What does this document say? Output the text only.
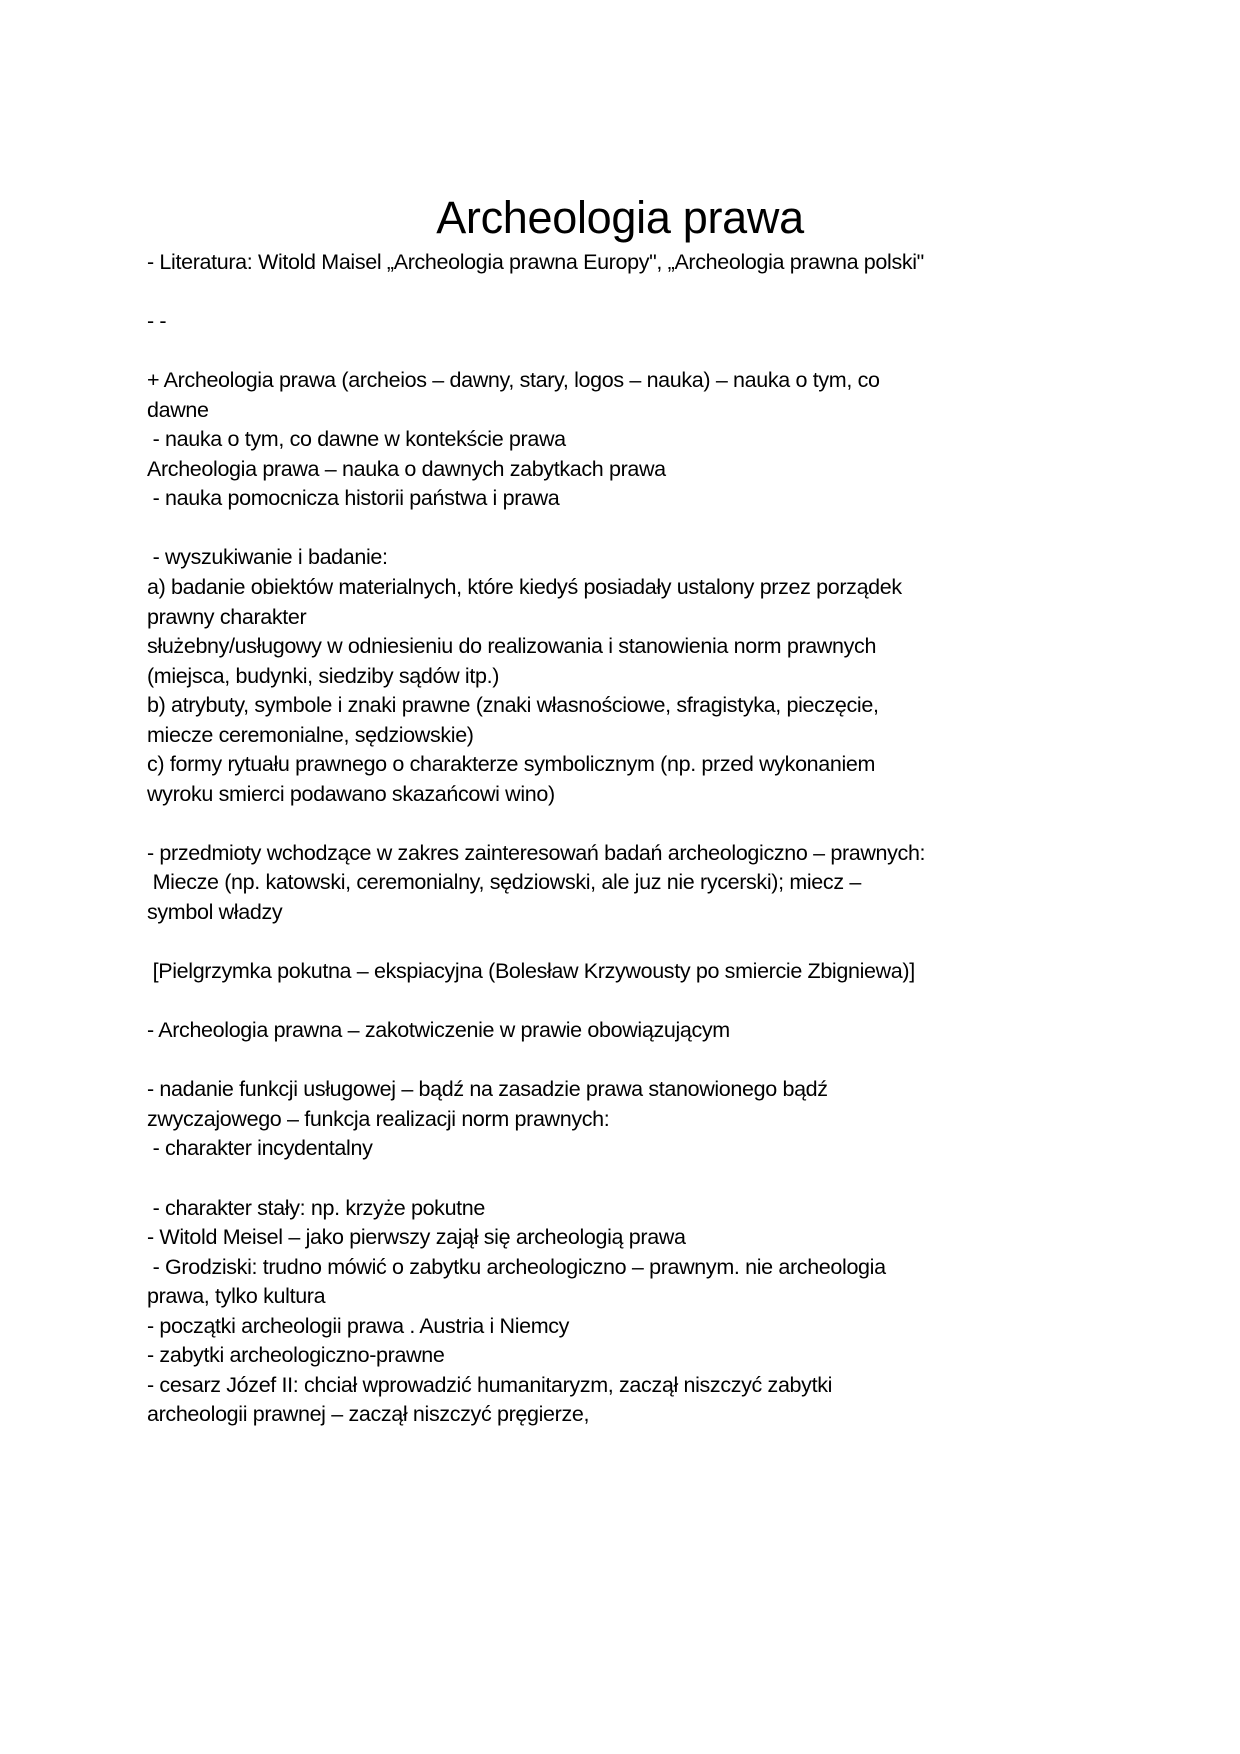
Archeologia prawa
- Literatura: Witold Maisel „Archeologia prawna Europy", „Archeologia prawna polski"
- -
+ Archeologia prawa (archeios – dawny, stary, logos – nauka) – nauka o tym, co
dawne
- nauka o tym, co dawne w kontekście prawa
Archeologia prawa – nauka o dawnych zabytkach prawa
- nauka pomocnicza historii państwa i prawa
- wyszukiwanie i badanie:
a) badanie obiektów materialnych, które kiedyś posiadały ustalony przez porządek
prawny charakter
służebny/usługowy w odniesieniu do realizowania i stanowienia norm prawnych
(miejsca, budynki, siedziby sądów itp.)
b) atrybuty, symbole i znaki prawne (znaki własnościowe, sfragistyka, pieczęcie,
miecze ceremonialne, sędziowskie)
c) formy rytuału prawnego o charakterze symbolicznym (np. przed wykonaniem
wyroku smierci podawano skazańcowi wino)
- przedmioty wchodzące w zakres zainteresowań badań archeologiczno – prawnych:
Miecze (np. katowski, ceremonialny, sędziowski, ale juz nie rycerski); miecz –
symbol władzy
[Pielgrzymka pokutna – ekspiacyjna (Bolesław Krzywousty po smiercie Zbigniewa)]
- Archeologia prawna – zakotwiczenie w prawie obowiązującym
- nadanie funkcji usługowej – bądź na zasadzie prawa stanowionego bądź
zwyczajowego – funkcja realizacji norm prawnych:
- charakter incydentalny
- charakter stały: np. krzyże pokutne
- Witold Meisel – jako pierwszy zajął się archeologią prawa
- Grodziski: trudno mówić o zabytku archeologiczno – prawnym. nie archeologia
prawa, tylko kultura
- początki archeologii prawa . Austria i Niemcy
- zabytki archeologiczno-prawne
- cesarz Józef II: chciał wprowadzić humanitaryzm, zaczął niszczyć zabytki
archeologii prawnej – zaczął niszczyć pręgierze,
